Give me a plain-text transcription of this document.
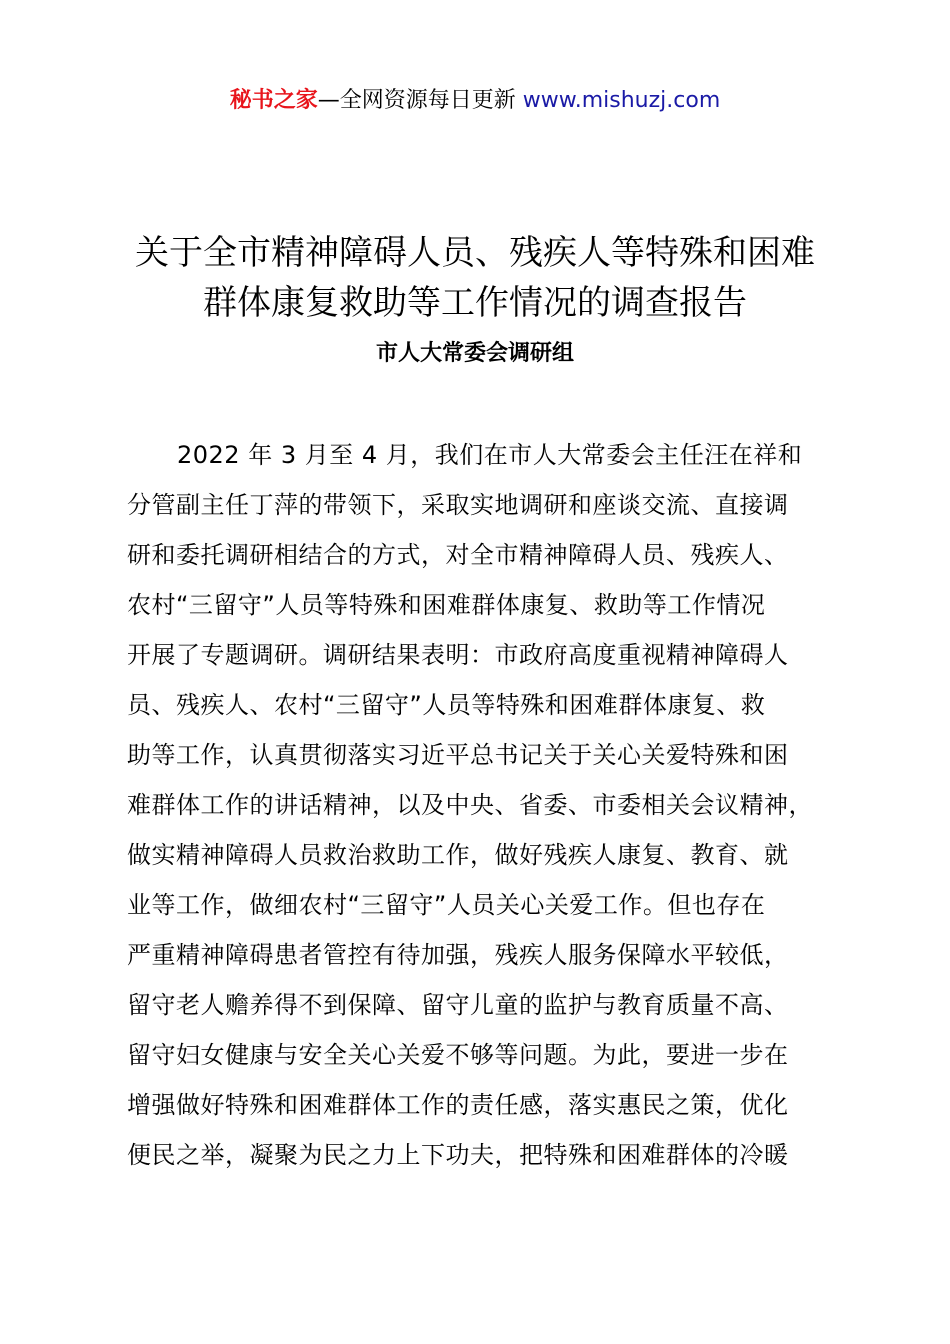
秘书之家—全网资源每日更新 www.mishuzj.com
关于全市精神障碍人员、残疾人等特殊和困难
群体康复救助等工作情况的调查报告
市人大常委会调研组
2022 年 3 月至 4 月，我们在市人大常委会主任汪在祥和
分管副主任丁萍的带领下，采取实地调研和座谈交流、直接调
研和委托调研相结合的方式，对全市精神障碍人员、残疾人、
农村“三留守”人员等特殊和困难群体康复、救助等工作情况
开展了专题调研。调研结果表明：市政府高度重视精神障碍人
员、残疾人、农村“三留守”人员等特殊和困难群体康复、救
助等工作，认真贯彻落实习近平总书记关于关心关爱特殊和困
难群体工作的讲话精神，以及中央、省委、市委相关会议精神，
做实精神障碍人员救治救助工作，做好残疾人康复、教育、就
业等工作，做细农村“三留守”人员关心关爱工作。但也存在
严重精神障碍患者管控有待加强，残疾人服务保障水平较低，
留守老人赡养得不到保障、留守儿童的监护与教育质量不高、
留守妇女健康与安全关心关爱不够等问题。为此，要进一步在
增强做好特殊和困难群体工作的责任感，落实惠民之策，优化
便民之举，凝聚为民之力上下功夫，把特殊和困难群体的冷暖
